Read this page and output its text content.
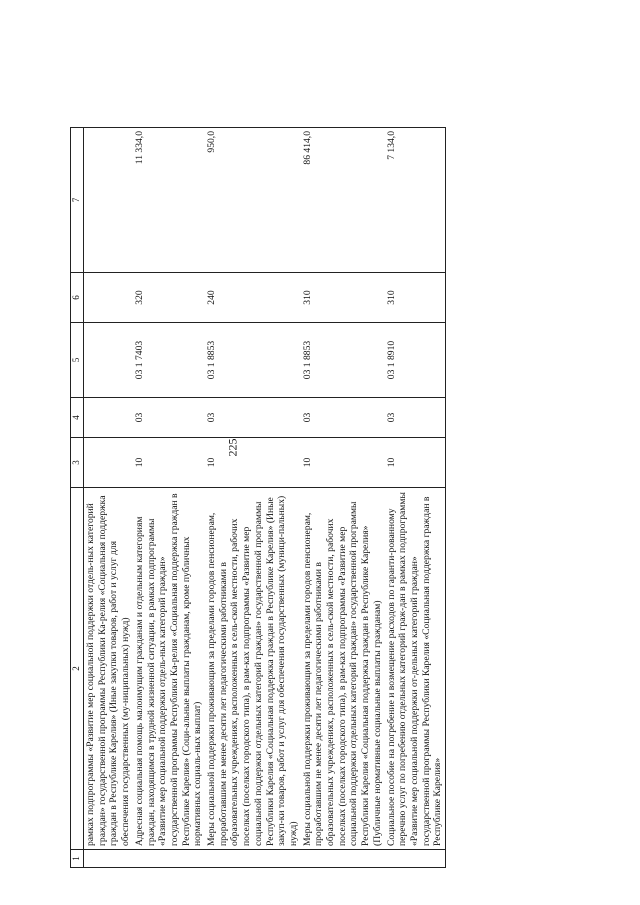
225
1	2	3	4	5	6	7
	рамках подпрограммы «Развитие мер социальной поддержки отдель-ных категорий граждан» государственной программы Республики Ка-релия «Социальная поддержка граждан в Республике Карелия» (Иные закупки товаров, работ и услуг для обеспечения государственных (му-ниципальных) нужд)					
	Адресная социальная помощь малоимущим гражданам и отдельным категориям граждан, находящимся в трудной жизненной ситуации, в рамках подпрограммы «Развитие мер социальной поддержки отдель-ных категорий граждан» государственной программы Республики Ка-релия «Социальная поддержка граждан в Республике Карелия» (Соци-альные выплаты гражданам, кроме публичных нормативных социаль-ных выплат)	10	03	03 1 7403	320	11 334,0
	Меры социальной поддержки проживающим за пределами городов пенсионерам, проработавшим не менее десяти лет педагогическими работниками в образовательных учреждениях, расположенных в сель-ской местности, рабочих поселках (поселках городского типа), в рам-ках подпрограммы «Развитие мер социальной поддержки отдельных категорий граждан» государственной программы Республики Карелия «Социальная поддержка граждан в Республике Карелия» (Иные закуп-ки товаров, работ и услуг для обеспечения государственных (муници-пальных) нужд)	10	03	03 1 8853	240	950,0
	Меры социальной поддержки проживающим за пределами городов пенсионерам, проработавшим не менее десяти лет педагогическими работниками в образовательных учреждениях, расположенных в сель-ской местности, рабочих поселках (поселках городского типа), в рам-ках подпрограммы «Развитие мер социальной поддержки отдельных категорий граждан» государственной программы Республики Карелия «Социальная поддержка граждан в Республике Карелия» (Публичные нормативные социальные выплаты гражданам)	10	03	03 1 8853	310	86 414,0
	Социальное пособие на погребение и возмещение расходов по гаранти-рованному перечню услуг по погребению отдельных категорий граж-дан в рамках подпрограммы «Развитие мер социальной поддержки от-дельных категорий граждан» государственной программы Республики Карелия «Социальная поддержка граждан в Республике Карелия»	10	03	03 1 8910	310	7 134,0
